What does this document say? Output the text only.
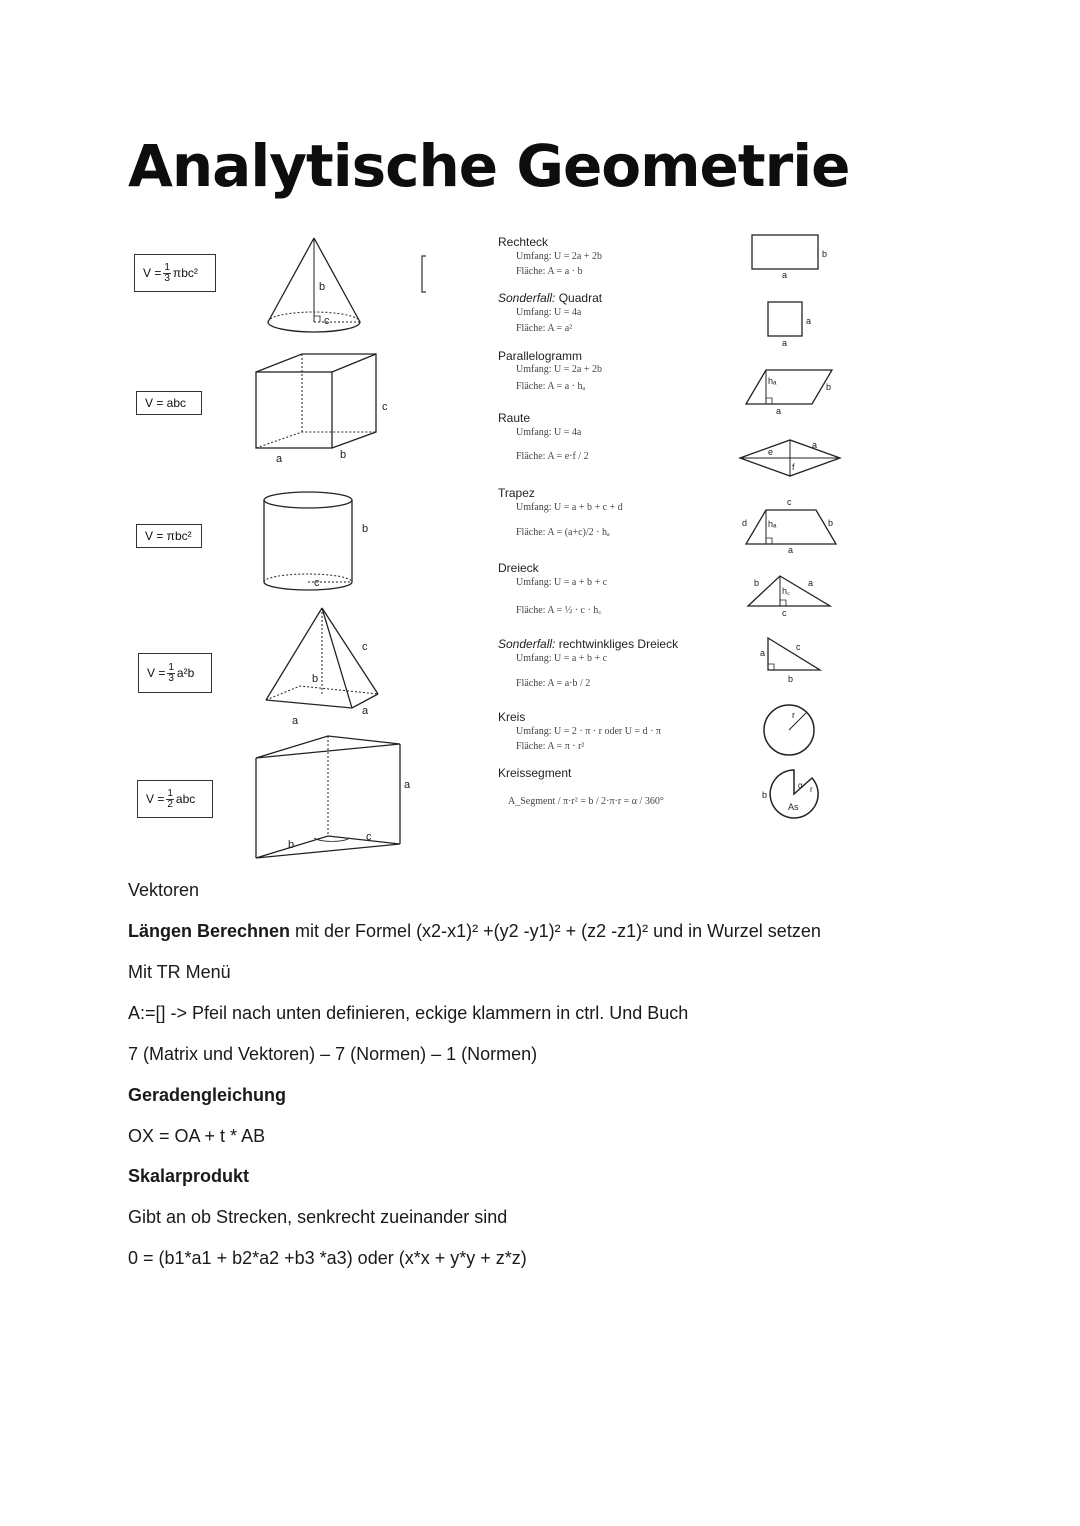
Analytische Geometrie
$V = \frac{1}{3} \pi bc^2$
V = abc
V = πbc²
$V = \frac{1}{3} a^2b$
$V = \frac{1}{2}$ abc
b
c
c
a	b
b
c
c
b
a
a
a
b
c
Rechteck
Umfang: U = 2a + 2b
Fläche: A = a · b
Sonderfall: Quadrat
Umfang: U = 4a
Fläche: A = a²
Parallelogramm
Umfang: U = 2a + 2b
Fläche: A = a · hₐ
Raute
Umfang: U = 4a
Fläche: A = e·f / 2
Trapez
Umfang: U = a + b + c + d
Fläche: A = (a+c)/2 · hₐ
Dreieck
Umfang: U = a + b + c
Fläche: A = ½ · c · h꜀
Sonderfall: rechtwinkliges Dreieck
Umfang: U = a + b + c
Fläche: A = a·b / 2
Kreis
Umfang: U = 2 · π · r oder U = d · π
Fläche: A = π · r²
Kreissegment
A_Segment / π·r² = b / 2·π·r = α / 360°
b
a
a
a
hₐ
b
a
e
f
a
c
d hₐ	b
a
b
h꜀
a
c
a
c
b
r
b
As
α r
Vektoren
Längen Berechnen mit der Formel (x2-x1)² +(y2 -y1)² + (z2 -z1)² und in Wurzel setzen
Mit TR Menü
A:=[] -> Pfeil nach unten definieren, eckige klammern in ctrl. Und Buch
7 (Matrix und Vektoren) – 7 (Normen) – 1 (Normen)
Geradengleichung
OX = OA + t * AB
Skalarprodukt
Gibt an ob Strecken, senkrecht zueinander sind
0 = (b1*a1 + b2*a2 +b3 *a3) oder (x*x + y*y + z*z)
